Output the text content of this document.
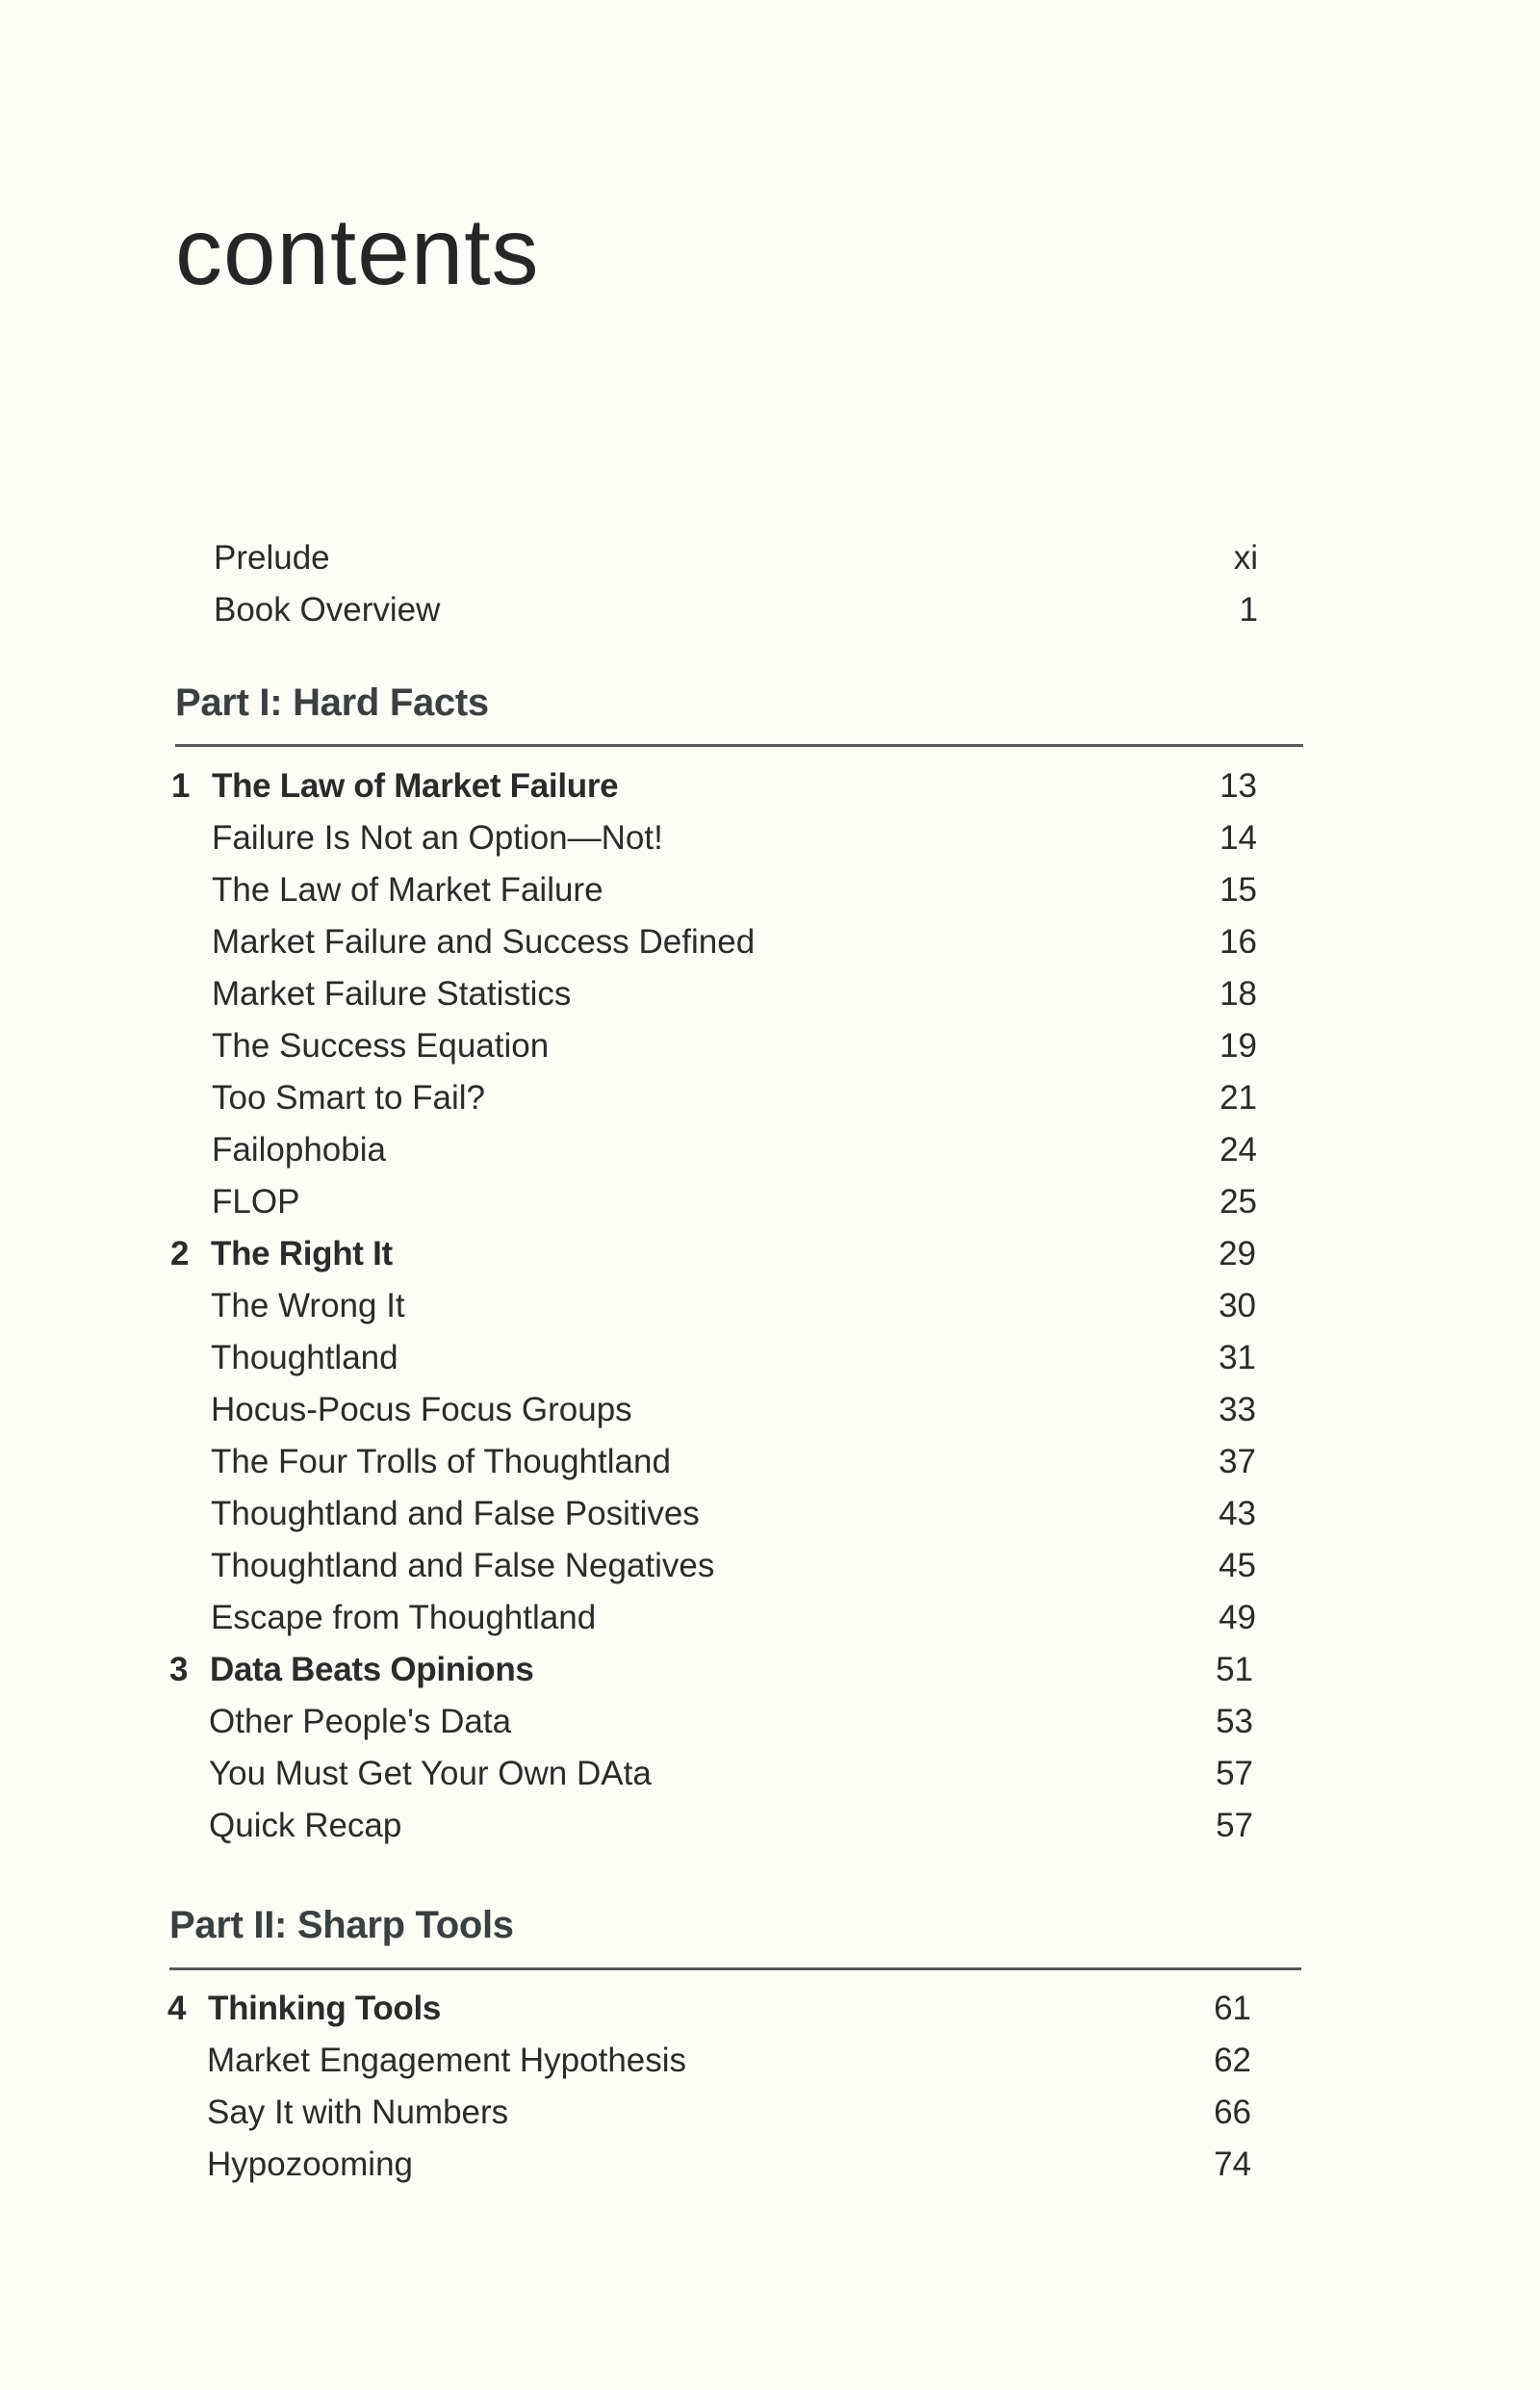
contents
Prelude	xi
Book Overview	1
Part I: Hard Facts
1 The Law of Market Failure	13
Failure Is Not an Option—Not!	14
The Law of Market Failure	15
Market Failure and Success Defined	16
Market Failure Statistics	18
The Success Equation	19
Too Smart to Fail?	21
Failophobia	24
FLOP	25
2 The Right It	29
The Wrong It	30
Thoughtland	31
Hocus-Pocus Focus Groups	33
The Four Trolls of Thoughtland	37
Thoughtland and False Positives	43
Thoughtland and False Negatives	45
Escape from Thoughtland	49
3 Data Beats Opinions	51
Other People's Data	53
You Must Get Your Own DAta	57
Quick Recap	57
Part II: Sharp Tools
4 Thinking Tools	61
Market Engagement Hypothesis	62
Say It with Numbers	66
Hypozooming	74
